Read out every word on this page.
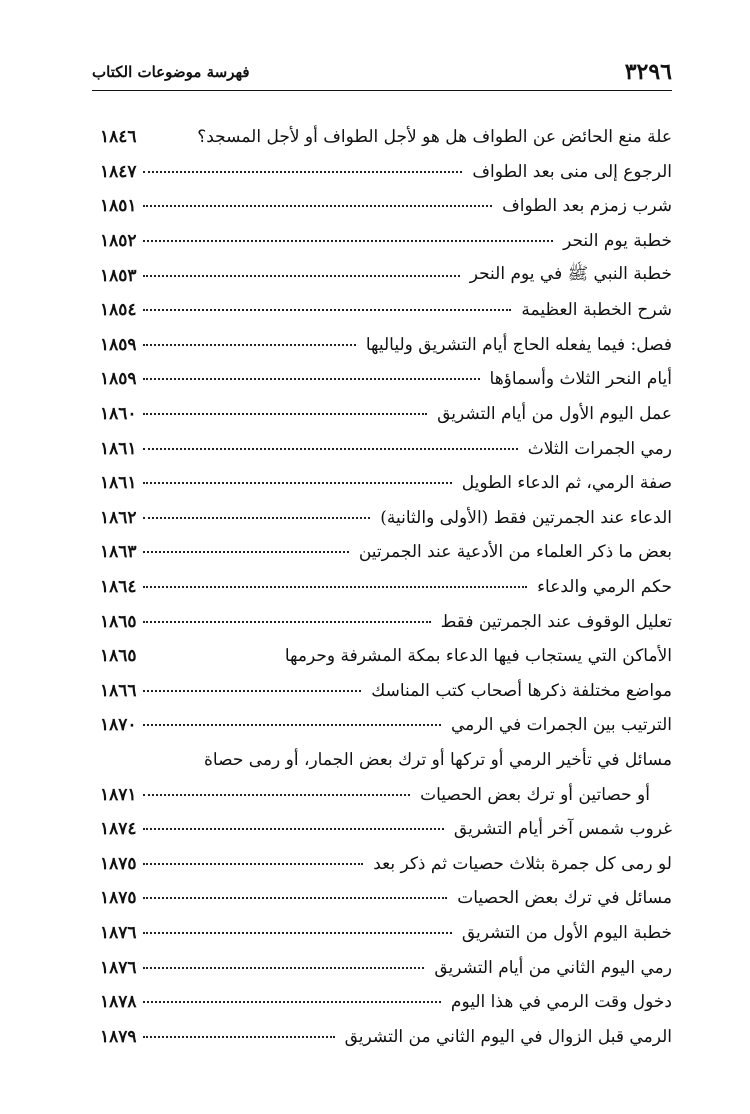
٣٢٩٦
فهرسة موضوعات الكتاب
علة منع الحائض عن الطواف هل هو لأجل الطواف أو لأجل المسجد؟
١٨٤٦
الرجوع إلى منى بعد الطواف
١٨٤٧
شرب زمزم بعد الطواف
١٨٥١
خطبة يوم النحر
١٨٥٢
خطبة النبي ﷺ في يوم النحر
١٨٥٣
شرح الخطبة العظيمة
١٨٥٤
فصل: فيما يفعله الحاج أيام التشريق ولياليها
١٨٥٩
أيام النحر الثلاث وأسماؤها
١٨٥٩
عمل اليوم الأول من أيام التشريق
١٨٦٠
رمي الجمرات الثلاث
١٨٦١
صفة الرمي، ثم الدعاء الطويل
١٨٦١
الدعاء عند الجمرتين فقط (الأولى والثانية)
١٨٦٢
بعض ما ذكر العلماء من الأدعية عند الجمرتين
١٨٦٣
حكم الرمي والدعاء
١٨٦٤
تعليل الوقوف عند الجمرتين فقط
١٨٦٥
الأماكن التي يستجاب فيها الدعاء بمكة المشرفة وحرمها
١٨٦٥
مواضع مختلفة ذكرها أصحاب كتب المناسك
١٨٦٦
الترتيب بين الجمرات في الرمي
١٨٧٠
مسائل في تأخير الرمي أو تركها أو ترك بعض الجمار، أو رمى حصاة
أو حصاتين أو ترك بعض الحصيات
١٨٧١
غروب شمس آخر أيام التشريق
١٨٧٤
لو رمى كل جمرة بثلاث حصيات ثم ذكر بعد
١٨٧٥
مسائل في ترك بعض الحصيات
١٨٧٥
خطبة اليوم الأول من التشريق
١٨٧٦
رمي اليوم الثاني من أيام التشريق
١٨٧٦
دخول وقت الرمي في هذا اليوم
١٨٧٨
الرمي قبل الزوال في اليوم الثاني من التشريق
١٨٧٩
